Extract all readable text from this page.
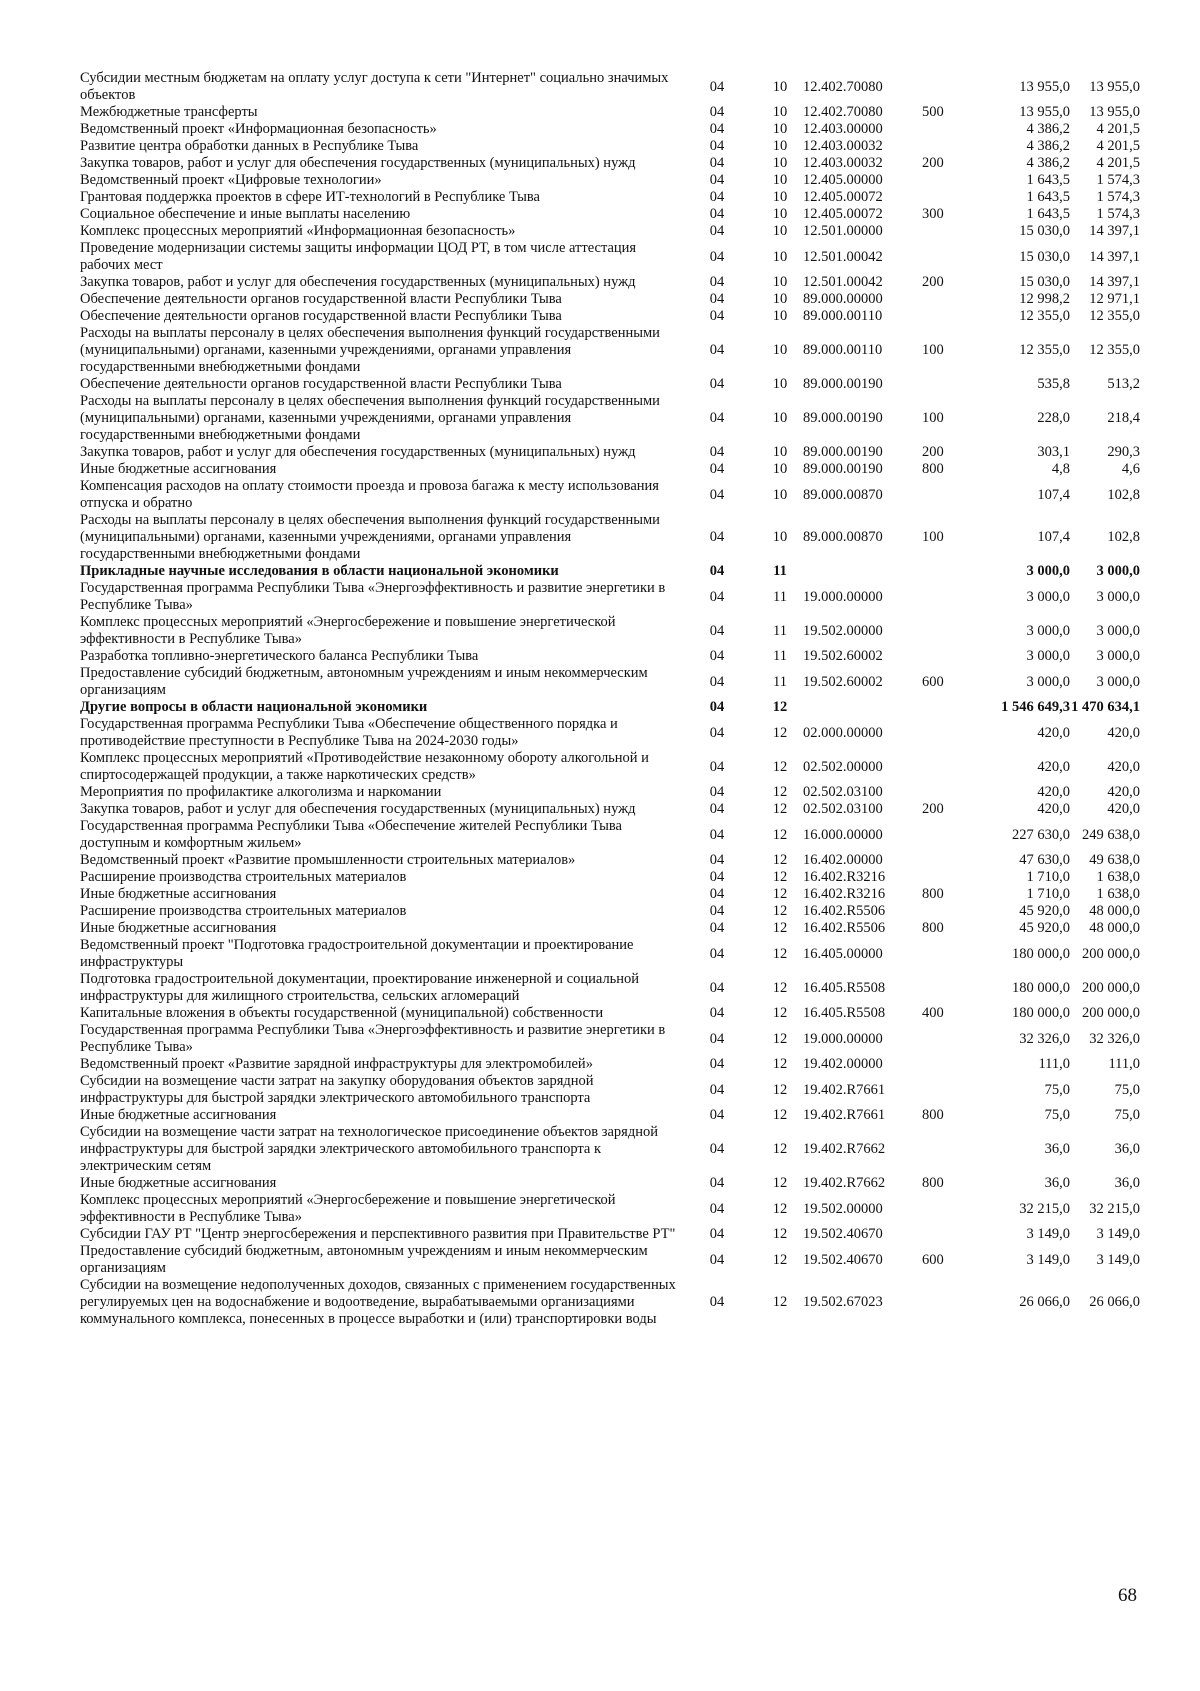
Субсидии местным бюджетам на оплату услуг доступа к сети "Интернет" социально значимых объектов	04	10	12.402.70080		13 955,0	13 955,0
Межбюджетные трансферты	04	10	12.402.70080	500	13 955,0	13 955,0
Ведомственный проект «Информационная безопасность»	04	10	12.403.00000		4 386,2	4 201,5
Развитие центра обработки данных в Республике Тыва	04	10	12.403.00032		4 386,2	4 201,5
Закупка товаров, работ и услуг для обеспечения государственных (муниципальных) нужд	04	10	12.403.00032	200	4 386,2	4 201,5
Ведомственный проект «Цифровые технологии»	04	10	12.405.00000		1 643,5	1 574,3
Грантовая поддержка проектов в сфере ИТ-технологий в Республике Тыва	04	10	12.405.00072		1 643,5	1 574,3
Социальное обеспечение и иные выплаты населению	04	10	12.405.00072	300	1 643,5	1 574,3
Комплекс процессных мероприятий «Информационная безопасность»	04	10	12.501.00000		15 030,0	14 397,1
Проведение модернизации системы защиты информации ЦОД РТ, в том числе аттестация рабочих мест	04	10	12.501.00042		15 030,0	14 397,1
Закупка товаров, работ и услуг для обеспечения государственных (муниципальных) нужд	04	10	12.501.00042	200	15 030,0	14 397,1
Обеспечение деятельности органов государственной власти Республики Тыва	04	10	89.000.00000		12 998,2	12 971,1
Обеспечение деятельности органов государственной власти Республики Тыва	04	10	89.000.00110		12 355,0	12 355,0
Расходы на выплаты персоналу в целях обеспечения выполнения функций государственными (муниципальными) органами, казенными учреждениями, органами управления государственными внебюджетными фондами	04	10	89.000.00110	100	12 355,0	12 355,0
Обеспечение деятельности органов государственной власти Республики Тыва	04	10	89.000.00190		535,8	513,2
Расходы на выплаты персоналу в целях обеспечения выполнения функций государственными (муниципальными) органами, казенными учреждениями, органами управления государственными внебюджетными фондами	04	10	89.000.00190	100	228,0	218,4
Закупка товаров, работ и услуг для обеспечения государственных (муниципальных) нужд	04	10	89.000.00190	200	303,1	290,3
Иные бюджетные ассигнования	04	10	89.000.00190	800	4,8	4,6
Компенсация расходов на оплату стоимости проезда и провоза багажа к месту использования отпуска и обратно	04	10	89.000.00870		107,4	102,8
Расходы на выплаты персоналу в целях обеспечения выполнения функций государственными (муниципальными) органами, казенными учреждениями, органами управления государственными внебюджетными фондами	04	10	89.000.00870	100	107,4	102,8
Прикладные научные исследования в области национальной экономики	04	11			3 000,0	3 000,0
Государственная программа Республики Тыва «Энергоэффективность и развитие энергетики в Республике Тыва»	04	11	19.000.00000		3 000,0	3 000,0
Комплекс процессных мероприятий «Энергосбережение и повышение энергетической эффективности в Республике Тыва»	04	11	19.502.00000		3 000,0	3 000,0
Разработка топливно-энергетического баланса Республики Тыва	04	11	19.502.60002		3 000,0	3 000,0
Предоставление субсидий бюджетным, автономным учреждениям и иным некоммерческим организациям	04	11	19.502.60002	600	3 000,0	3 000,0
Другие вопросы в области национальной экономики	04	12			1 546 649,3	1 470 634,1
Государственная программа Республики Тыва «Обеспечение общественного порядка и противодействие преступности в Республике Тыва на 2024-2030 годы»	04	12	02.000.00000		420,0	420,0
Комплекс процессных мероприятий «Противодействие незаконному обороту алкогольной и спиртосодержащей продукции, а также наркотических средств»	04	12	02.502.00000		420,0	420,0
Мероприятия по профилактике алкоголизма и наркомании	04	12	02.502.03100		420,0	420,0
Закупка товаров, работ и услуг для обеспечения государственных (муниципальных) нужд	04	12	02.502.03100	200	420,0	420,0
Государственная программа Республики Тыва «Обеспечение жителей Республики Тыва доступным и комфортным жильем»	04	12	16.000.00000		227 630,0	249 638,0
Ведомственный проект «Развитие промышленности строительных материалов»	04	12	16.402.00000		47 630,0	49 638,0
Расширение производства строительных материалов	04	12	16.402.R3216		1 710,0	1 638,0
Иные бюджетные ассигнования	04	12	16.402.R3216	800	1 710,0	1 638,0
Расширение производства строительных материалов	04	12	16.402.R5506		45 920,0	48 000,0
Иные бюджетные ассигнования	04	12	16.402.R5506	800	45 920,0	48 000,0
Ведомственный проект "Подготовка градостроительной документации и проектирование инфраструктуры	04	12	16.405.00000		180 000,0	200 000,0
Подготовка градостроительной документации, проектирование инженерной и социальной инфраструктуры для жилищного строительства, сельских агломераций	04	12	16.405.R5508		180 000,0	200 000,0
Капитальные вложения в объекты государственной (муниципальной) собственности	04	12	16.405.R5508	400	180 000,0	200 000,0
Государственная программа Республики Тыва «Энергоэффективность и развитие энергетики в Республике Тыва»	04	12	19.000.00000		32 326,0	32 326,0
Ведомственный проект «Развитие зарядной инфраструктуры для электромобилей»	04	12	19.402.00000		111,0	111,0
Субсидии на возмещение части затрат на закупку оборудования объектов зарядной инфраструктуры для быстрой зарядки электрического автомобильного транспорта	04	12	19.402.R7661		75,0	75,0
Иные бюджетные ассигнования	04	12	19.402.R7661	800	75,0	75,0
Субсидии на возмещение части затрат на технологическое присоединение объектов зарядной инфраструктуры для быстрой зарядки электрического автомобильного транспорта к электрическим сетям	04	12	19.402.R7662		36,0	36,0
Иные бюджетные ассигнования	04	12	19.402.R7662	800	36,0	36,0
Комплекс процессных мероприятий «Энергосбережение и повышение энергетической эффективности в Республике Тыва»	04	12	19.502.00000		32 215,0	32 215,0
Субсидии ГАУ РТ "Центр энергосбережения и перспективного развития при Правительстве РТ"	04	12	19.502.40670		3 149,0	3 149,0
Предоставление субсидий бюджетным, автономным учреждениям и иным некоммерческим организациям	04	12	19.502.40670	600	3 149,0	3 149,0
Субсидии на возмещение недополученных доходов, связанных с применением государственных регулируемых цен на водоснабжение и водоотведение, вырабатываемыми организациями коммунального комплекса, понесенных в процессе выработки и (или) транспортировки воды	04	12	19.502.67023		26 066,0	26 066,0
68
